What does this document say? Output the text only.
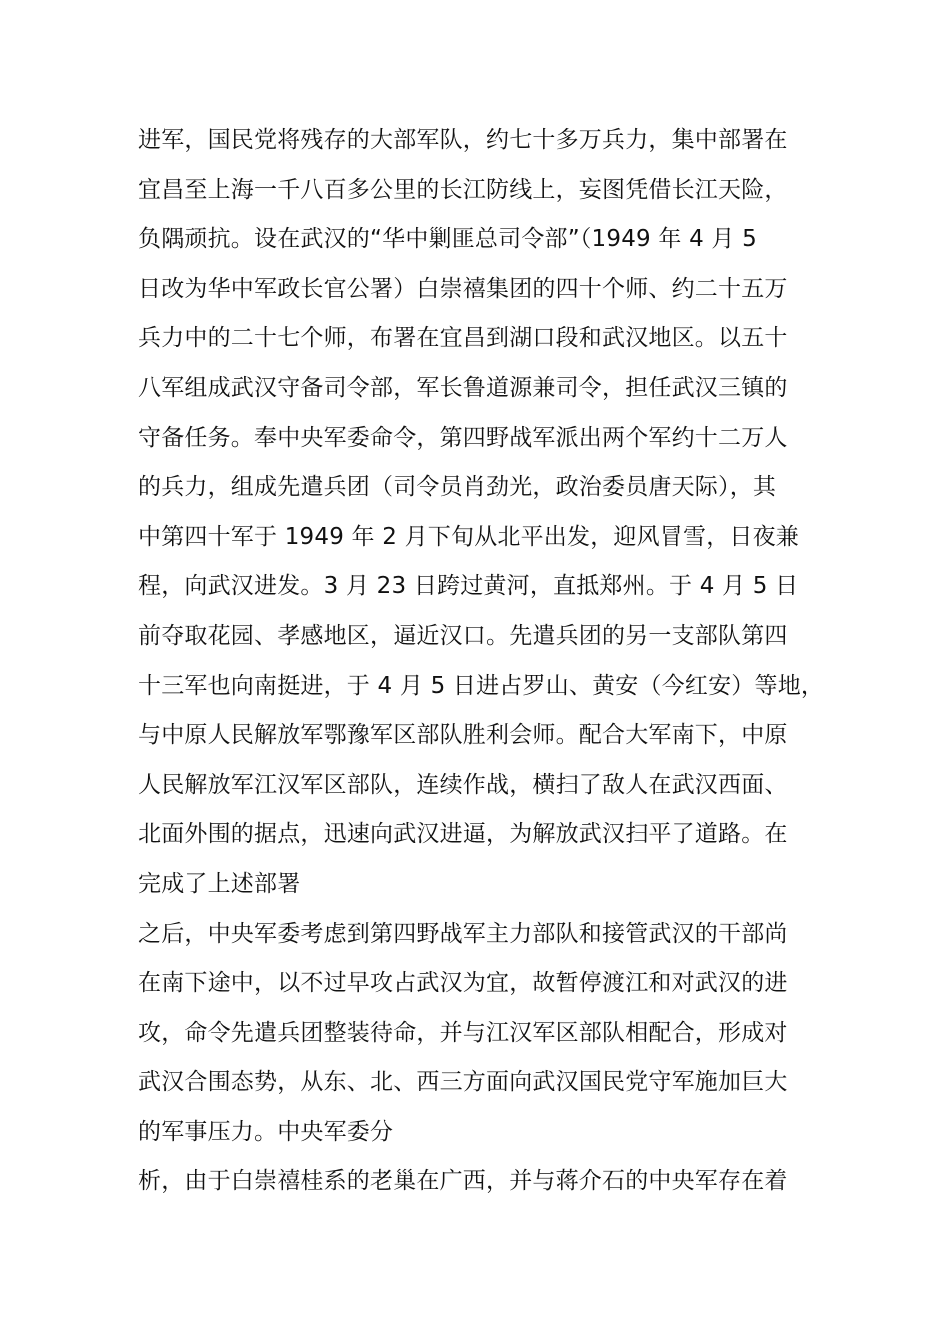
进军，国民党将残存的大部军队，约七十多万兵力，集中部署在
宜昌至上海一千八百多公里的长江防线上，妄图凭借长江天险，
负隅顽抗。设在武汉的“华中剿匪总司令部”（1949 年 4 月 5
日改为华中军政长官公署）白崇禧集团的四十个师、约二十五万
兵力中的二十七个师，布署在宜昌到湖口段和武汉地区。以五十
八军组成武汉守备司令部，军长鲁道源兼司令，担任武汉三镇的
守备任务。奉中央军委命令，第四野战军派出两个军约十二万人
的兵力，组成先遣兵团（司令员肖劲光，政治委员唐天际），其
中第四十军于 1949 年 2 月下旬从北平出发，迎风冒雪，日夜兼
程，向武汉进发。3 月 23 日跨过黄河，直抵郑州。于 4 月 5 日
前夺取花园、孝感地区，逼近汉口。先遣兵团的另一支部队第四
十三军也向南挺进，于 4 月 5 日进占罗山、黄安（今红安）等地，
与中原人民解放军鄂豫军区部队胜利会师。配合大军南下，中原
人民解放军江汉军区部队，连续作战，横扫了敌人在武汉西面、
北面外围的据点，迅速向武汉进逼，为解放武汉扫平了道路。在
完成了上述部署
之后，中央军委考虑到第四野战军主力部队和接管武汉的干部尚
在南下途中，以不过早攻占武汉为宜，故暂停渡江和对武汉的进
攻，命令先遣兵团整装待命，并与江汉军区部队相配合，形成对
武汉合围态势，从东、北、西三方面向武汉国民党守军施加巨大
的军事压力。中央军委分
析，由于白崇禧桂系的老巢在广西，并与蒋介石的中央军存在着
